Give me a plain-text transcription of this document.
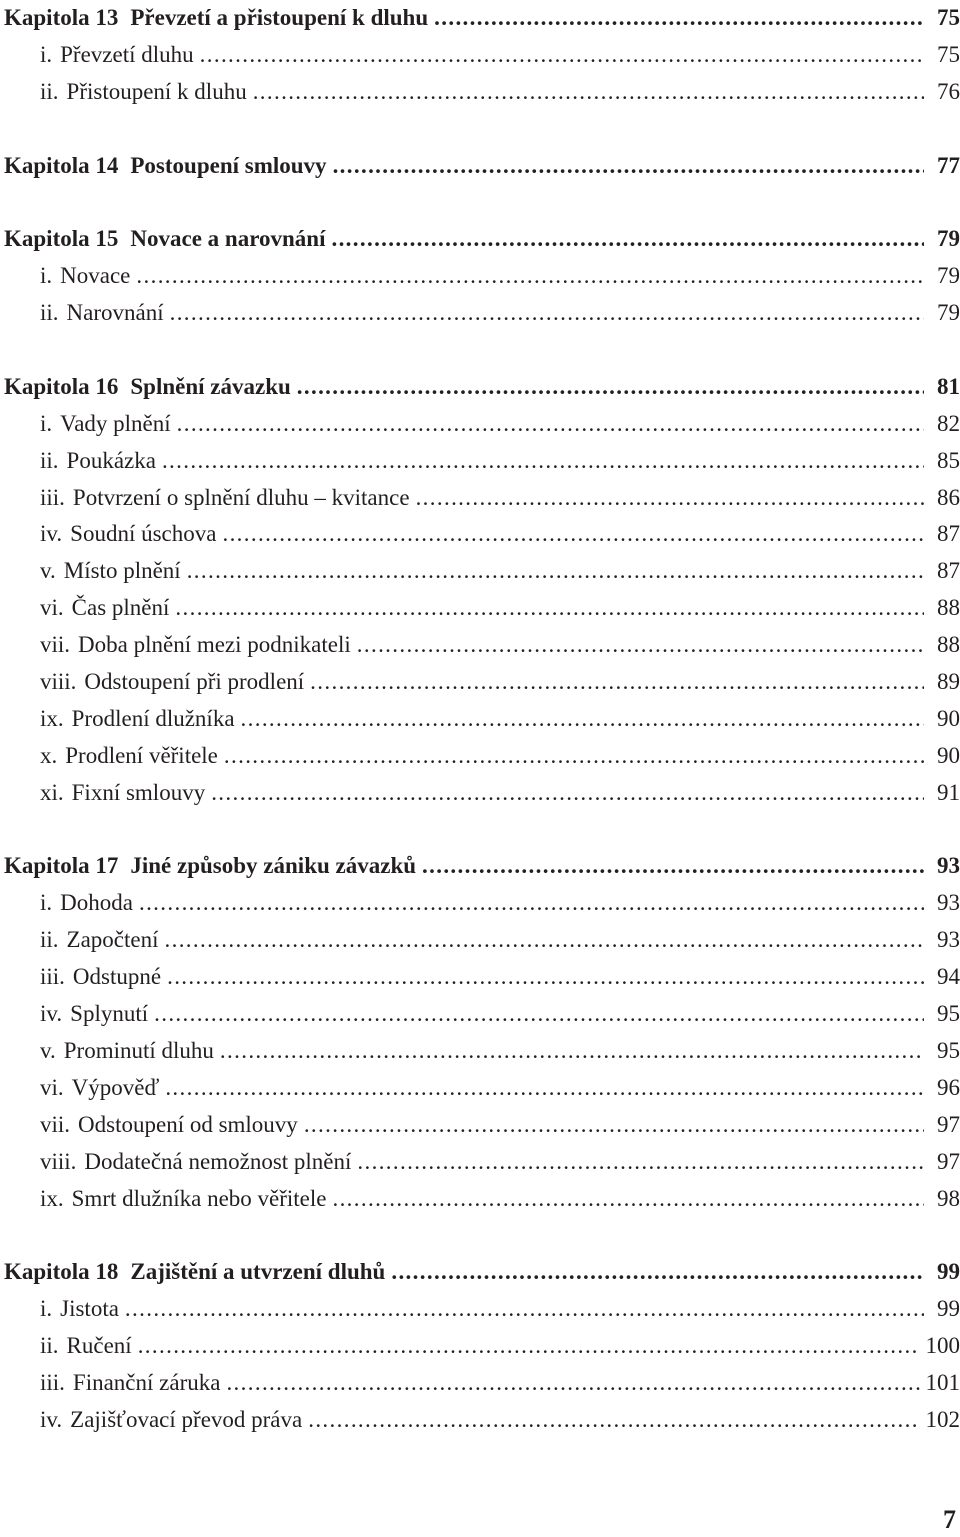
Kapitola 13 Převzetí a přistoupení k dluhu . . .	75
i. Převzetí dluhu . . .	75
ii. Přistoupení k dluhu . . .	76
Kapitola 14 Postoupení smlouvy . . .	77
Kapitola 15 Novace a narovnání . . .	79
i. Novace . . .	79
ii. Narovnání . . .	79
Kapitola 16 Splnění závazku . . .	81
i. Vady plnění . . .	82
ii. Poukázka . . .	85
iii. Potvrzení o splnění dluhu – kvitance . . .	86
iv. Soudní úschova . . .	87
v. Místo plnění . . .	87
vi. Čas plnění . . .	88
vii. Doba plnění mezi podnikateli . . .	88
viii. Odstoupení při prodlení . . .	89
ix. Prodlení dlužníka . . .	90
x. Prodlení věřitele . . .	90
xi. Fixní smlouvy . . .	91
Kapitola 17 Jiné způsoby zániku závazků . . .	93
i. Dohoda . . .	93
ii. Započtení . . .	93
iii. Odstupné . . .	94
iv. Splynutí . . .	95
v. Prominutí dluhu . . .	95
vi. Výpověď . . .	96
vii. Odstoupení od smlouvy . . .	97
viii. Dodatečná nemožnost plnění . . .	97
ix. Smrt dlužníka nebo věřitele . . .	98
Kapitola 18 Zajištění a utvrzení dluhů . . .	99
i. Jistota . . .	99
ii. Ručení . . .	100
iii. Finanční záruka . . .	101
iv. Zajišťovací převod práva . . .	102
7
